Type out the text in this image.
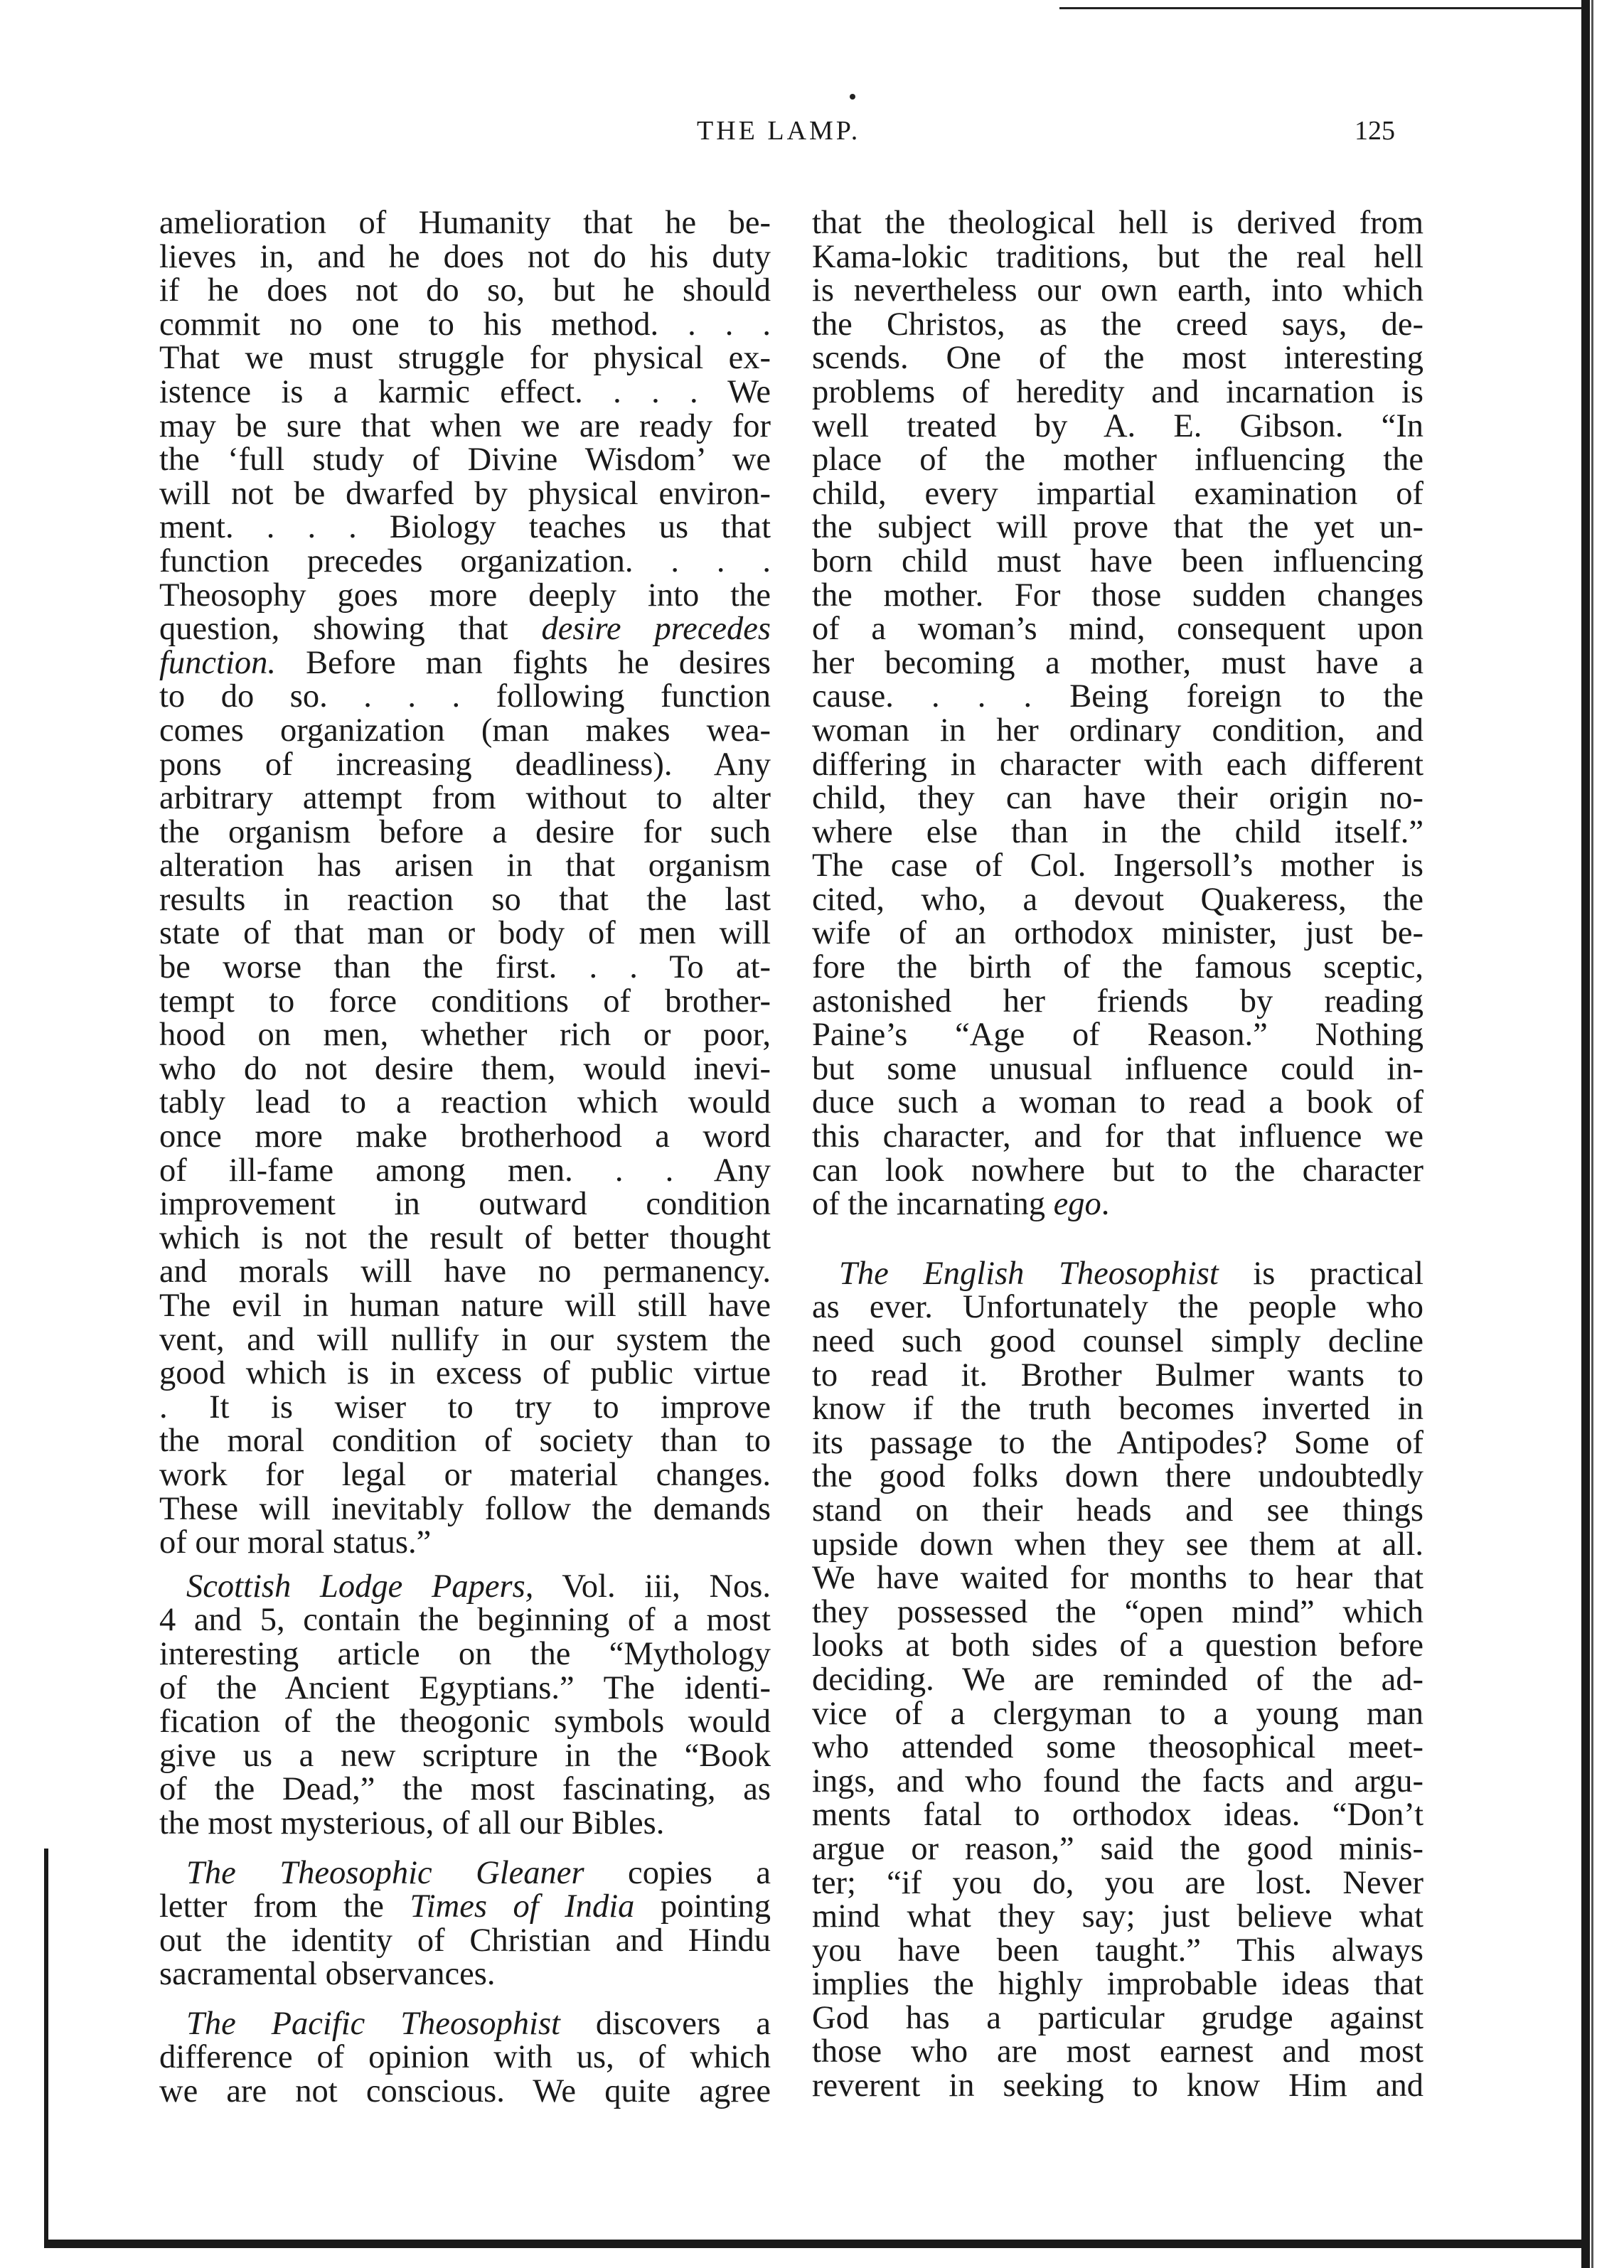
THE LAMP.	125
amelioration of Humanity that he be-
lieves in, and he does not do his duty
if he does not do so, but he should
commit no one to his method. . . .
That we must struggle for physical ex-
istence is a karmic effect. . . . We
may be sure that when we are ready for
the ‘full study of Divine Wisdom’ we
will not be dwarfed by physical environ-
ment. . . . Biology teaches us that
function precedes organization. . . .
Theosophy goes more deeply into the
question, showing that desire precedes
function. Before man fights he desires
to do so. . . . following function
comes organization (man makes wea-
pons of increasing deadliness). Any
arbitrary attempt from without to alter
the organism before a desire for such
alteration has arisen in that organism
results in reaction so that the last
state of that man or body of men will
be worse than the first. . . To at-
tempt to force conditions of brother-
hood on men, whether rich or poor,
who do not desire them, would inevi-
tably lead to a reaction which would
once more make brotherhood a word
of ill-fame among men. . . Any
improvement in outward condition
which is not the result of better thought
and morals will have no permanency.
The evil in human nature will still have
vent, and will nullify in our system the
good which is in excess of public virtue
. It is wiser to try to improve
the moral condition of society than to
work for legal or material changes.
These will inevitably follow the demands
of our moral status.”
Scottish Lodge Papers, Vol. iii, Nos.
4 and 5, contain the beginning of a most
interesting article on the “Mythology
of the Ancient Egyptians.” The identi-
fication of the theogonic symbols would
give us a new scripture in the “Book
of the Dead,” the most fascinating, as
the most mysterious, of all our Bibles.
The Theosophic Gleaner copies a
letter from the Times of India pointing
out the identity of Christian and Hindu
sacramental observances.
The Pacific Theosophist discovers a
difference of opinion with us, of which
we are not conscious. We quite agree
that the theological hell is derived from
Kama-lokic traditions, but the real hell
is nevertheless our own earth, into which
the Christos, as the creed says, de-
scends. One of the most interesting
problems of heredity and incarnation is
well treated by A. E. Gibson. “In
place of the mother influencing the
child, every impartial examination of
the subject will prove that the yet un-
born child must have been influencing
the mother. For those sudden changes
of a woman’s mind, consequent upon
her becoming a mother, must have a
cause. . . . Being foreign to the
woman in her ordinary condition, and
differing in character with each different
child, they can have their origin no-
where else than in the child itself.”
The case of Col. Ingersoll’s mother is
cited, who, a devout Quakeress, the
wife of an orthodox minister, just be-
fore the birth of the famous sceptic,
astonished her friends by reading
Paine’s “Age of Reason.” Nothing
but some unusual influence could in-
duce such a woman to read a book of
this character, and for that influence we
can look nowhere but to the character
of the incarnating ego.
The English Theosophist is practical
as ever. Unfortunately the people who
need such good counsel simply decline
to read it. Brother Bulmer wants to
know if the truth becomes inverted in
its passage to the Antipodes? Some of
the good folks down there undoubtedly
stand on their heads and see things
upside down when they see them at all.
We have waited for months to hear that
they possessed the “open mind” which
looks at both sides of a question before
deciding. We are reminded of the ad-
vice of a clergyman to a young man
who attended some theosophical meet-
ings, and who found the facts and argu-
ments fatal to orthodox ideas. “Don’t
argue or reason,” said the good minis-
ter; “if you do, you are lost. Never
mind what they say; just believe what
you have been taught.” This always
implies the highly improbable ideas that
God has a particular grudge against
those who are most earnest and most
reverent in seeking to know Him and
